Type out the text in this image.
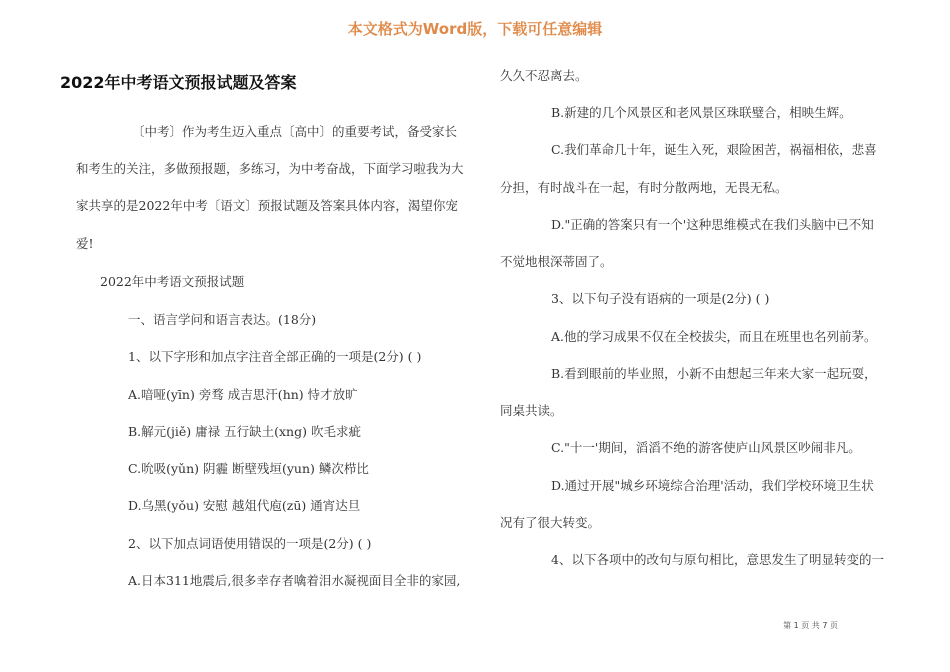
本文格式为Word版，下载可任意编辑
2022年中考语文预报试题及答案
〔中考〕作为考生迈入重点〔高中〕的重要考试，备受家长
和考生的关注，多做预报题，多练习，为中考奋战，下面学习啦我为大
家共享的是2022年中考〔语文〕预报试题及答案具体内容，渴望你宠
爱!
2022年中考语文预报试题
一、语言学问和语言表达。(18分)
1、以下字形和加点字注音全部正确的一项是(2分) ( )
A.喑哑(yīn) 旁骛 成吉思汗(hn) 恃才放旷
B.解元(jiě) 庸禄 五行缺土(xng) 吹毛求疵
C.吮吸(yǔn) 阴霾 断壁残垣(yun) 鳞次栉比
D.乌黑(yǒu) 安慰 越俎代庖(zū) 通宵达旦
2、以下加点词语使用错误的一项是(2分) ( )
A.日本311地震后,很多幸存者噙着泪水凝视面目全非的家园,
久久不忍离去。
B.新建的几个风景区和老风景区珠联璧合，相映生辉。
C.我们革命几十年，诞生入死，艰险困苦，祸福相依，悲喜
分担，有时战斗在一起，有时分散两地，无畏无私。
D."正确的答案只有一个'这种思维模式在我们头脑中已不知
不觉地根深蒂固了。
3、以下句子没有语病的一项是(2分) ( )
A.他的学习成果不仅在全校拔尖，而且在班里也名列前茅。
B.看到眼前的毕业照，小新不由想起三年来大家一起玩耍，
同桌共读。
C."十一'期间，滔滔不绝的游客使庐山风景区吵闹非凡。
D.通过开展"城乡环境综合治理'活动，我们学校环境卫生状
况有了很大转变。
4、以下各项中的改句与原句相比，意思发生了明显转变的一
第 1 页 共 7 页
